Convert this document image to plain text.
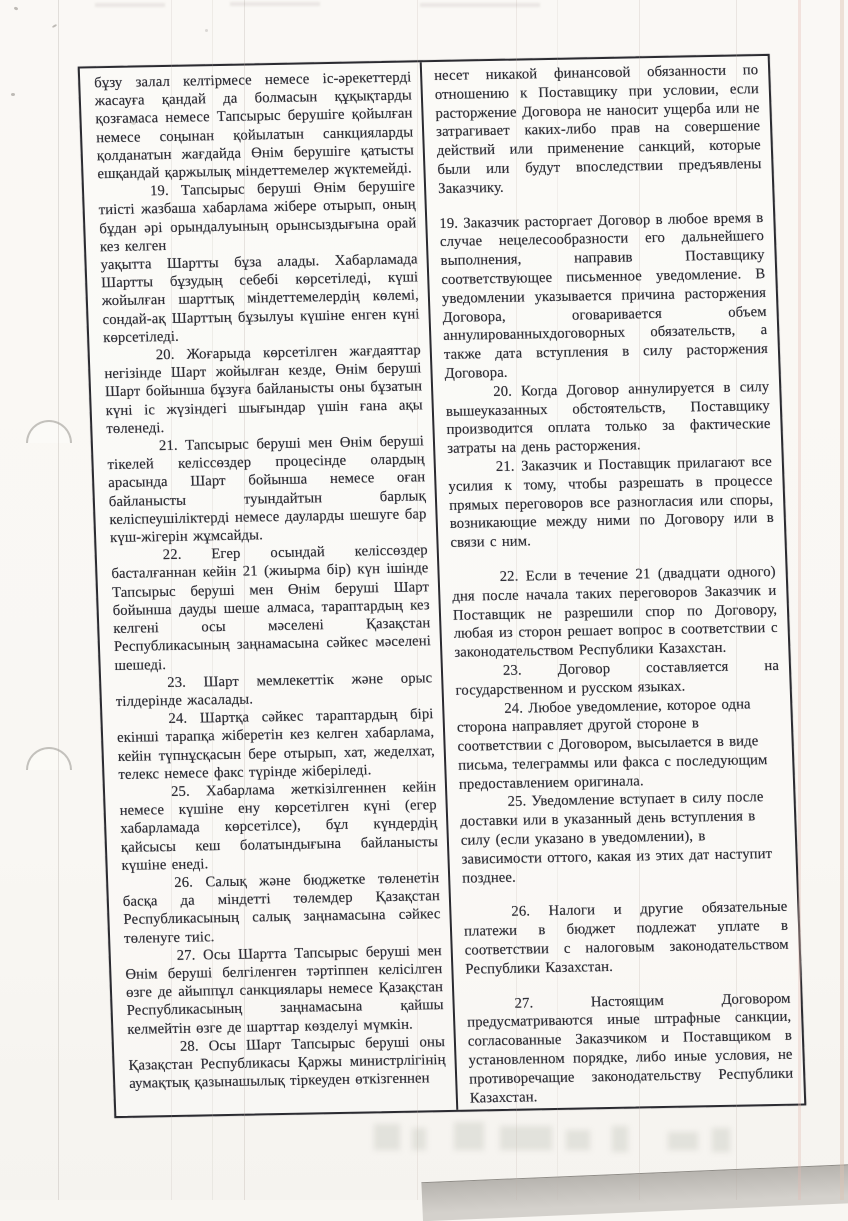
бұзу залал келтірмесе немесе іс-әрекеттерді жасауға қандай да болмасын құқықтарды қозғамаса немесе Тапсырыс берушіге қойылған немесе соңынан қойылатын санкцияларды қолданатын жағдайда Өнім берушіге қатысты ешқандай қаржылық міндеттемелер жүктемейді.

19. Тапсырыс беруші Өнім берушіге тиісті жазбаша хабарлама жібере отырып, оның бұдан әрі орындалуының орынсыздығына орай кез келген

уақытта Шартты бұза алады. Хабарламада Шартты бұзудың себебі көрсетіледі, күші жойылған шарттық міндеттемелердің көлемі, сондай-ақ Шарттың бұзылуы күшіне енген күні көрсетіледі.

20. Жоғарыда көрсетілген жағдаяттар негізінде Шарт жойылған кезде, Өнім беруші Шарт бойынша бұзуға байланысты оны бұзатын күні іс жүзіндегі шығындар үшін ғана ақы төленеді.

21. Тапсырыс беруші мен Өнім беруші тікелей келіссөздер процесінде олардың арасында Шарт бойынша немесе оған байланысты туындайтын барлық келіспеушіліктерді немесе дауларды шешуге бар күш-жігерін жұмсайды.

22. Егер осындай келіссөздер басталғаннан кейін 21 (жиырма бір) күн ішінде Тапсырыс беруші мен Өнім беруші Шарт бойынша дауды шеше алмаса, тараптардың кез келгені осы мәселені Қазақстан Республикасының заңнамасына сәйкес мәселені шешеді.

23. Шарт мемлекеттік және орыс тілдерінде жасалады.

24. Шартқа сәйкес тараптардың бірі екінші тарапқа жіберетін кез келген хабарлама, кейін түпнұсқасын бере отырып, хат, жеделхат, телекс немесе факс түрінде жіберіледі.

25. Хабарлама жеткізілгеннен кейін немесе күшіне ену көрсетілген күні (егер хабарламада көрсетілсе), бұл күндердің қайсысы кеш болатындығына байланысты күшіне енеді.

26. Салық және бюджетке төленетін басқа да міндетті төлемдер Қазақстан Республикасының салық заңнамасына сәйкес төленуге тиіс.

27. Осы Шартта Тапсырыс беруші мен Өнім беруші белгіленген тәртіппен келісілген өзге де айыппұл санкциялары немесе Қазақстан Республикасының заңнамасына қайшы келмейтін өзге де шарттар көзделуі мүмкін.

28. Осы Шарт Тапсырыс беруші оны Қазақстан Республикасы Қаржы министрлігінің аумақтық қазынашылық тіркеуден өткізгеннен

несет никакой финансовой обязанности по отношению к Поставщику при условии, если расторжение Договора не наносит ущерба или не затрагивает каких-либо прав на совершение действий или применение санкций, которые были или будут впоследствии предъявлены Заказчику.

19. Заказчик расторгает Договор в любое время в случае нецелесообразности его дальнейшего выполнения, направив Поставщику соответствующее письменное уведомление. В уведомлении указывается причина расторжения Договора, оговаривается объем аннулированныхдоговорных обязательств, а также дата вступления в силу расторжения Договора.

20. Когда Договор аннулируется в силу вышеуказанных обстоятельств, Поставщику производится оплата только за фактические затраты на день расторжения.

21. Заказчик и Поставщик прилагают все усилия к тому, чтобы разрешать в процессе прямых переговоров все разногласия или споры, возникающие между ними по Договору или в связи с ним.

22. Если в течение 21 (двадцати одного) дня после начала таких переговоров Заказчик и Поставщик не разрешили спор по Договору, любая из сторон решает вопрос в соответствии с законодательством Республики Казахстан.

23. Договор составляется на государственном и русском языках.

24. Любое уведомление, которое одна сторона направляет другой стороне в соответствии с Договором, высылается в виде письма, телеграммы или факса с последующим предоставлением оригинала.

25. Уведомление вступает в силу после доставки или в указанный день вступления в силу (если указано в уведомлении), в зависимости оттого, какая из этих дат наступит позднее.

26. Налоги и другие обязательные платежи в бюджет подлежат уплате в соответствии с налоговым законодательством Республики Казахстан.

27. Настоящим Договором предусматриваются иные штрафные санкции, согласованные Заказчиком и Поставщиком в установленном порядке, либо иные условия, не противоречащие законодательству Республики Казахстан.
